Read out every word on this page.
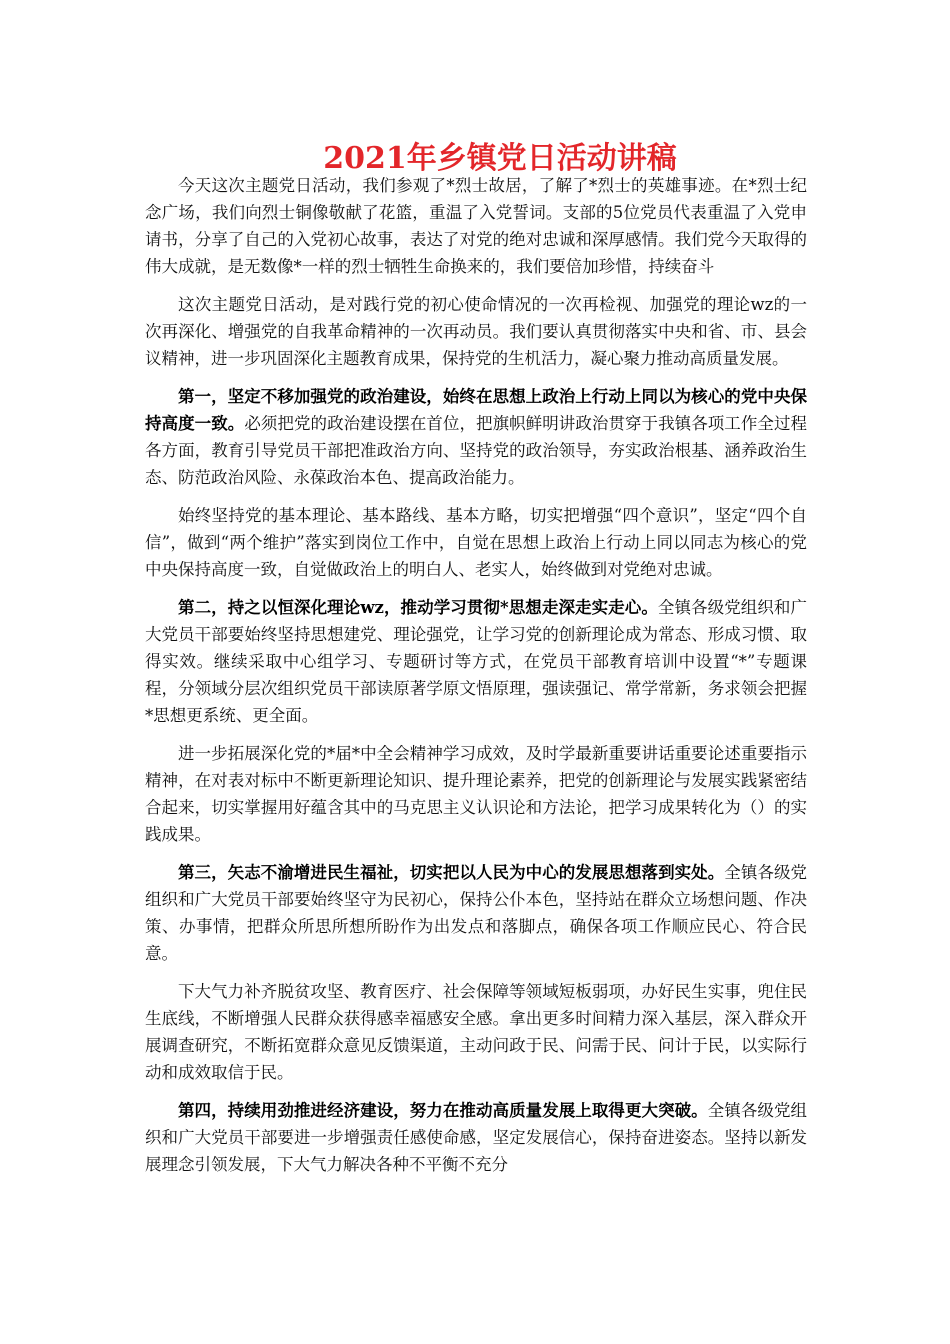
2021年乡镇党日活动讲稿

今天这次主题党日活动，我们参观了*烈士故居，了解了*烈士的英雄事迹。在*烈士纪念广场，我们向烈士铜像敬献了花篮，重温了入党誓词。支部的5位党员代表重温了入党申请书，分享了自己的入党初心故事，表达了对党的绝对忠诚和深厚感情。我们党今天取得的伟大成就，是无数像*一样的烈士牺牲生命换来的，我们要倍加珍惜，持续奋斗

这次主题党日活动，是对践行党的初心使命情况的一次再检视、加强党的理论wz的一次再深化、增强党的自我革命精神的一次再动员。我们要认真贯彻落实中央和省、市、县会议精神，进一步巩固深化主题教育成果，保持党的生机活力，凝心聚力推动高质量发展。

第一，坚定不移加强党的政治建设，始终在思想上政治上行动上同以为核心的党中央保持高度一致。必须把党的政治建设摆在首位，把旗帜鲜明讲政治贯穿于我镇各项工作全过程各方面，教育引导党员干部把准政治方向、坚持党的政治领导，夯实政治根基、涵养政治生态、防范政治风险、永葆政治本色、提高政治能力。

始终坚持党的基本理论、基本路线、基本方略，切实把增强“四个意识”，坚定“四个自信”，做到“两个维护”落实到岗位工作中，自觉在思想上政治上行动上同以同志为核心的党中央保持高度一致，自觉做政治上的明白人、老实人，始终做到对党绝对忠诚。

第二，持之以恒深化理论wz，推动学习贯彻*思想走深走实走心。全镇各级党组织和广大党员干部要始终坚持思想建党、理论强党，让学习党的创新理论成为常态、形成习惯、取得实效。继续采取中心组学习、专题研讨等方式，在党员干部教育培训中设置“*”专题课程，分领域分层次组织党员干部读原著学原文悟原理，强读强记、常学常新，务求领会把握*思想更系统、更全面。

进一步拓展深化党的*届*中全会精神学习成效，及时学最新重要讲话重要论述重要指示精神，在对表对标中不断更新理论知识、提升理论素养，把党的创新理论与发展实践紧密结合起来，切实掌握用好蕴含其中的马克思主义认识论和方法论，把学习成果转化为（）的实践成果。

第三，矢志不渝增进民生福祉，切实把以人民为中心的发展思想落到实处。全镇各级党组织和广大党员干部要始终坚守为民初心，保持公仆本色，坚持站在群众立场想问题、作决策、办事情，把群众所思所想所盼作为出发点和落脚点，确保各项工作顺应民心、符合民意。

下大气力补齐脱贫攻坚、教育医疗、社会保障等领域短板弱项，办好民生实事，兜住民生底线，不断增强人民群众获得感幸福感安全感。拿出更多时间精力深入基层，深入群众开展调查研究，不断拓宽群众意见反馈渠道，主动问政于民、问需于民、问计于民，以实际行动和成效取信于民。

第四，持续用劲推进经济建设，努力在推动高质量发展上取得更大突破。全镇各级党组织和广大党员干部要进一步增强责任感使命感，坚定发展信心，保持奋进姿态。坚持以新发展理念引领发展，下大气力解决各种不平衡不充分
